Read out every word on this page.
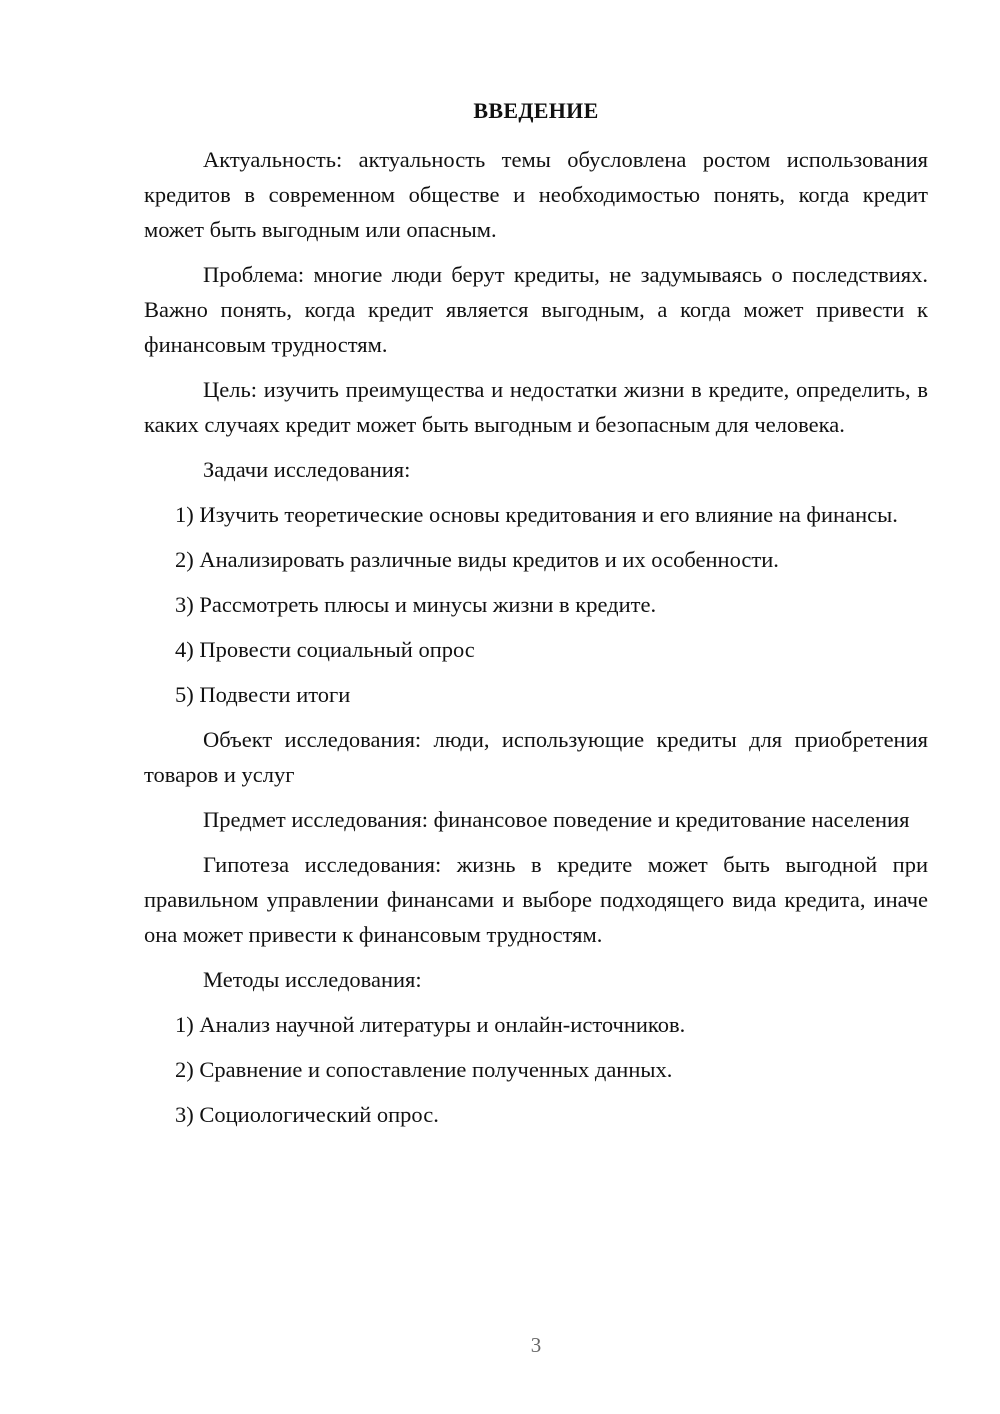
ВВЕДЕНИЕ

Актуальность: актуальность темы обусловлена ростом использования кредитов в современном обществе и необходимостью понять, когда кредит может быть выгодным или опасным.

Проблема: многие люди берут кредиты, не задумываясь о последствиях. Важно понять, когда кредит является выгодным, а когда может привести к финансовым трудностям.

Цель: изучить преимущества и недостатки жизни в кредите, определить, в каких случаях кредит может быть выгодным и безопасным для человека.

Задачи исследования:

1) Изучить теоретические основы кредитования и его влияние на финансы.

2) Анализировать различные виды кредитов и их особенности.

3) Рассмотреть плюсы и минусы жизни в кредите.

4) Провести социальный опрос

5) Подвести итоги

Объект исследования: люди, использующие кредиты для приобретения товаров и услуг

Предмет исследования: финансовое поведение и кредитование населения

Гипотеза исследования: жизнь в кредите может быть выгодной при правильном управлении финансами и выборе подходящего вида кредита, иначе она может привести к финансовым трудностям.

Методы исследования:

1) Анализ научной литературы и онлайн-источников.

2) Сравнение и сопоставление полученных данных.

3) Социологический опрос.

3
